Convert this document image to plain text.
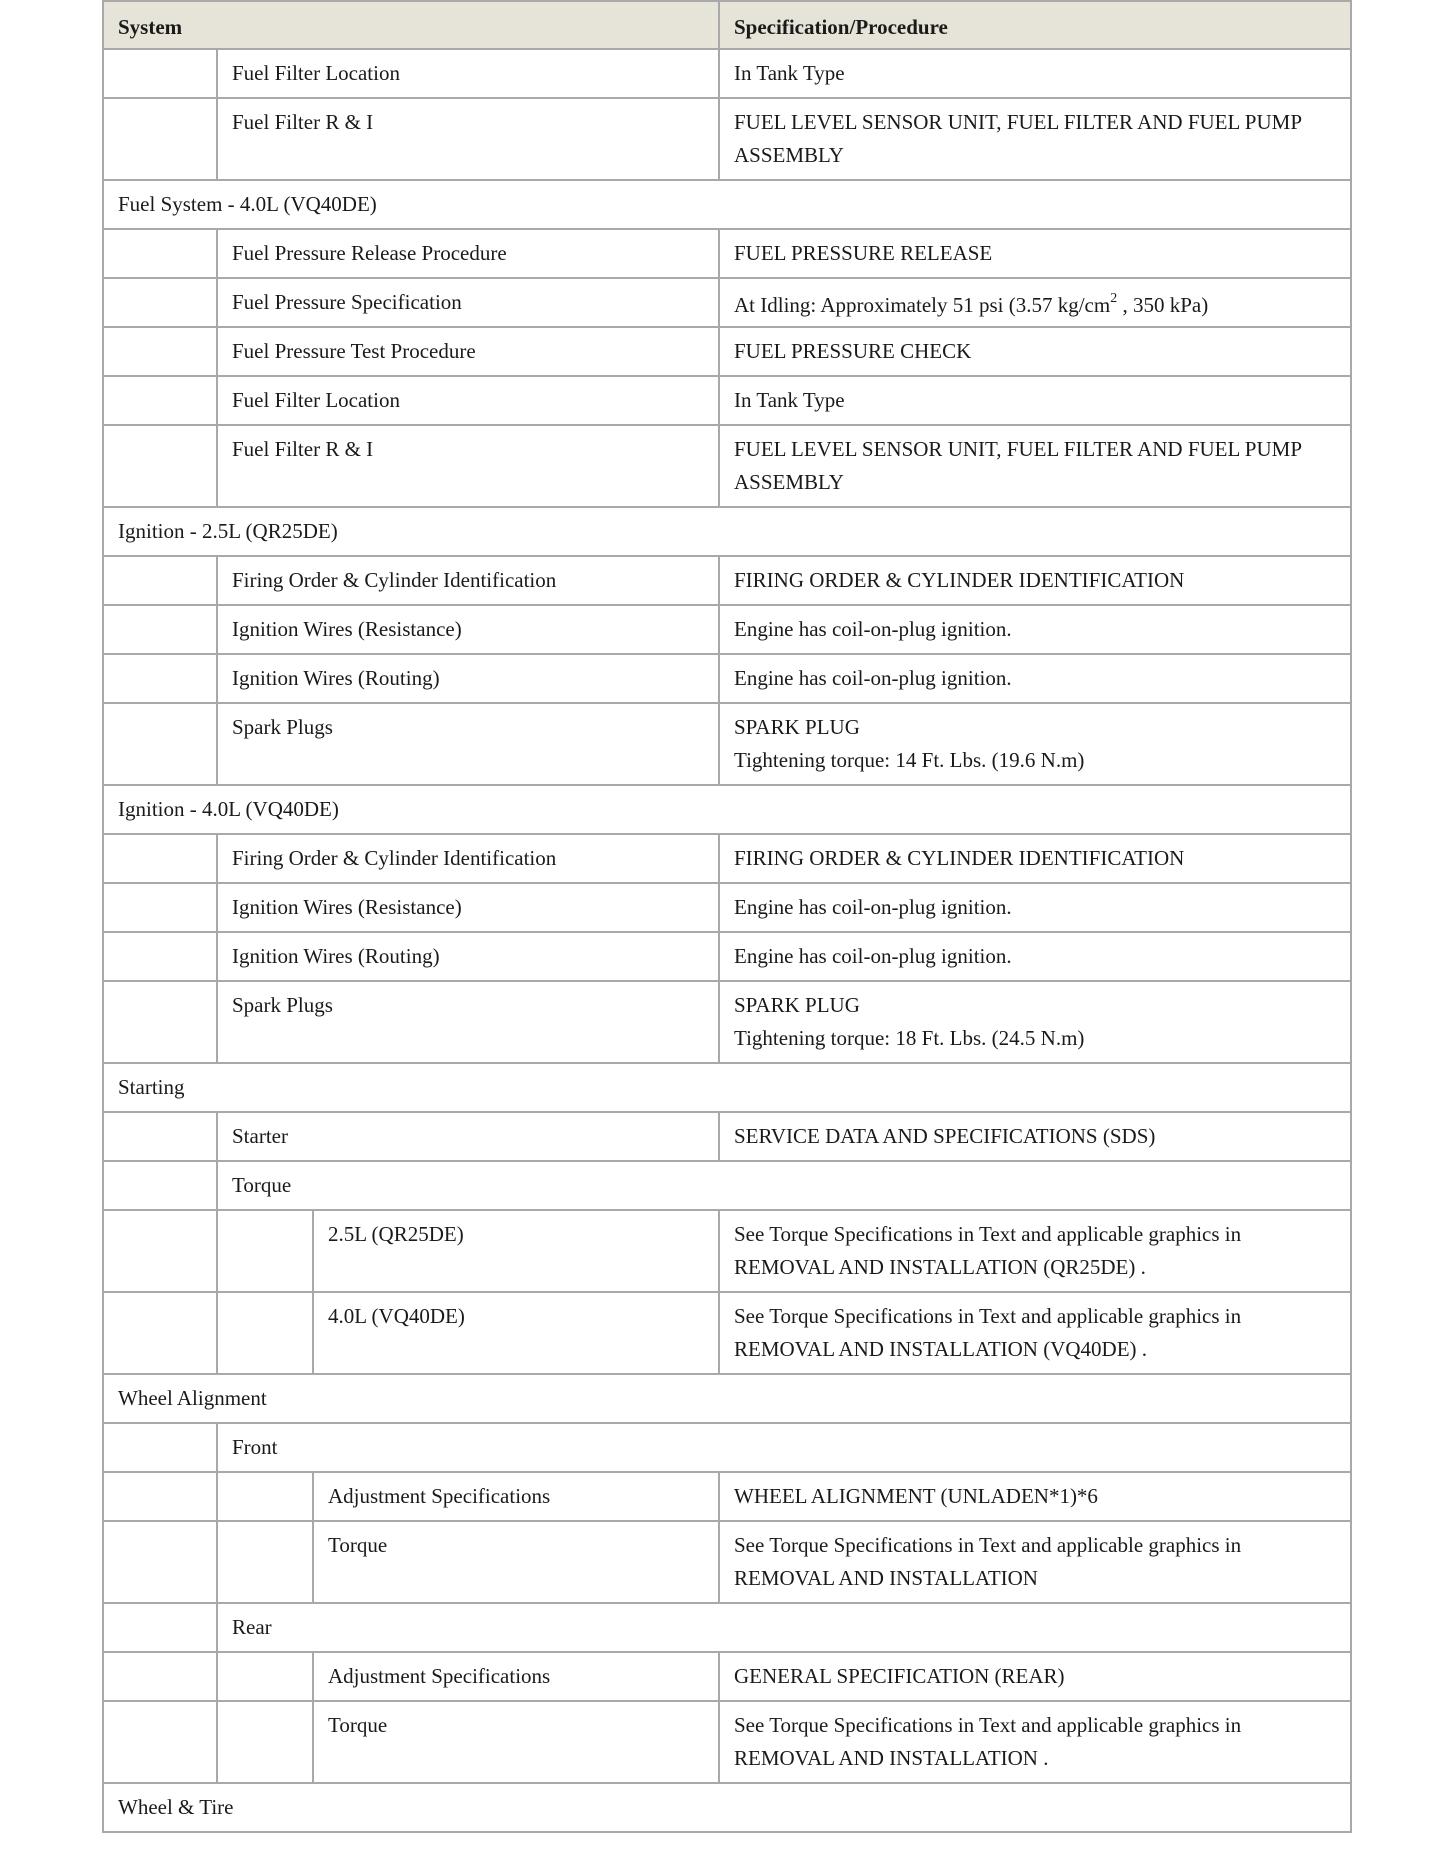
System			Specification/Procedure
	Fuel Filter Location		In Tank Type

	Fuel Filter R & I		FUEL LEVEL SENSOR UNIT, FUEL FILTER AND FUEL PUMP
ASSEMBLY

Fuel System - 4.0L (VQ40DE)			
	Fuel Pressure Release Procedure		FUEL PRESSURE RELEASE

	Fuel Pressure Specification		At Idling: Approximately 51 psi (3.57 $kg/cm^2$ , 350 kPa)
	Fuel Pressure Test Procedure		FUEL PRESSURE CHECK

	Fuel Filter Location		In Tank Type

	Fuel Filter R & I		FUEL LEVEL SENSOR UNIT, FUEL FILTER AND FUEL PUMP
ASSEMBLY

Ignition - 2.5L (QR25DE)			
	Firing Order & Cylinder Identification		FIRING ORDER & CYLINDER IDENTIFICATION

	Ignition Wires (Resistance)		Engine has coil-on-plug ignition.

	Ignition Wires (Routing)		Engine has coil-on-plug ignition.

	Spark Plugs		SPARK PLUG
Tightening torque: 14 Ft. Lbs. (19.6 N.m)

Ignition - 4.0L (VQ40DE)			
	Firing Order & Cylinder Identification		FIRING ORDER & CYLINDER IDENTIFICATION

	Ignition Wires (Resistance)		Engine has coil-on-plug ignition.

	Ignition Wires (Routing)		Engine has coil-on-plug ignition.

	Spark Plugs		SPARK PLUG
Tightening torque: 18 Ft. Lbs. (24.5 N.m)

Starting			
	Starter		SERVICE DATA AND SPECIFICATIONS (SDS)

	Torque		
		2.5L (QR25DE)	See Torque Specifications in Text and applicable graphics in
REMOVAL AND INSTALLATION (QR25DE) .

		4.0L (VQ40DE)	See Torque Specifications in Text and applicable graphics in
REMOVAL AND INSTALLATION (VQ40DE) .

Wheel Alignment			
	Front		
		Adjustment Specifications	WHEEL ALIGNMENT (UNLADEN*1)*6

		Torque	See Torque Specifications in Text and applicable graphics in
REMOVAL AND INSTALLATION

	Rear		
		Adjustment Specifications	GENERAL SPECIFICATION (REAR)

		Torque	See Torque Specifications in Text and applicable graphics in
REMOVAL AND INSTALLATION .

Wheel & Tire			
